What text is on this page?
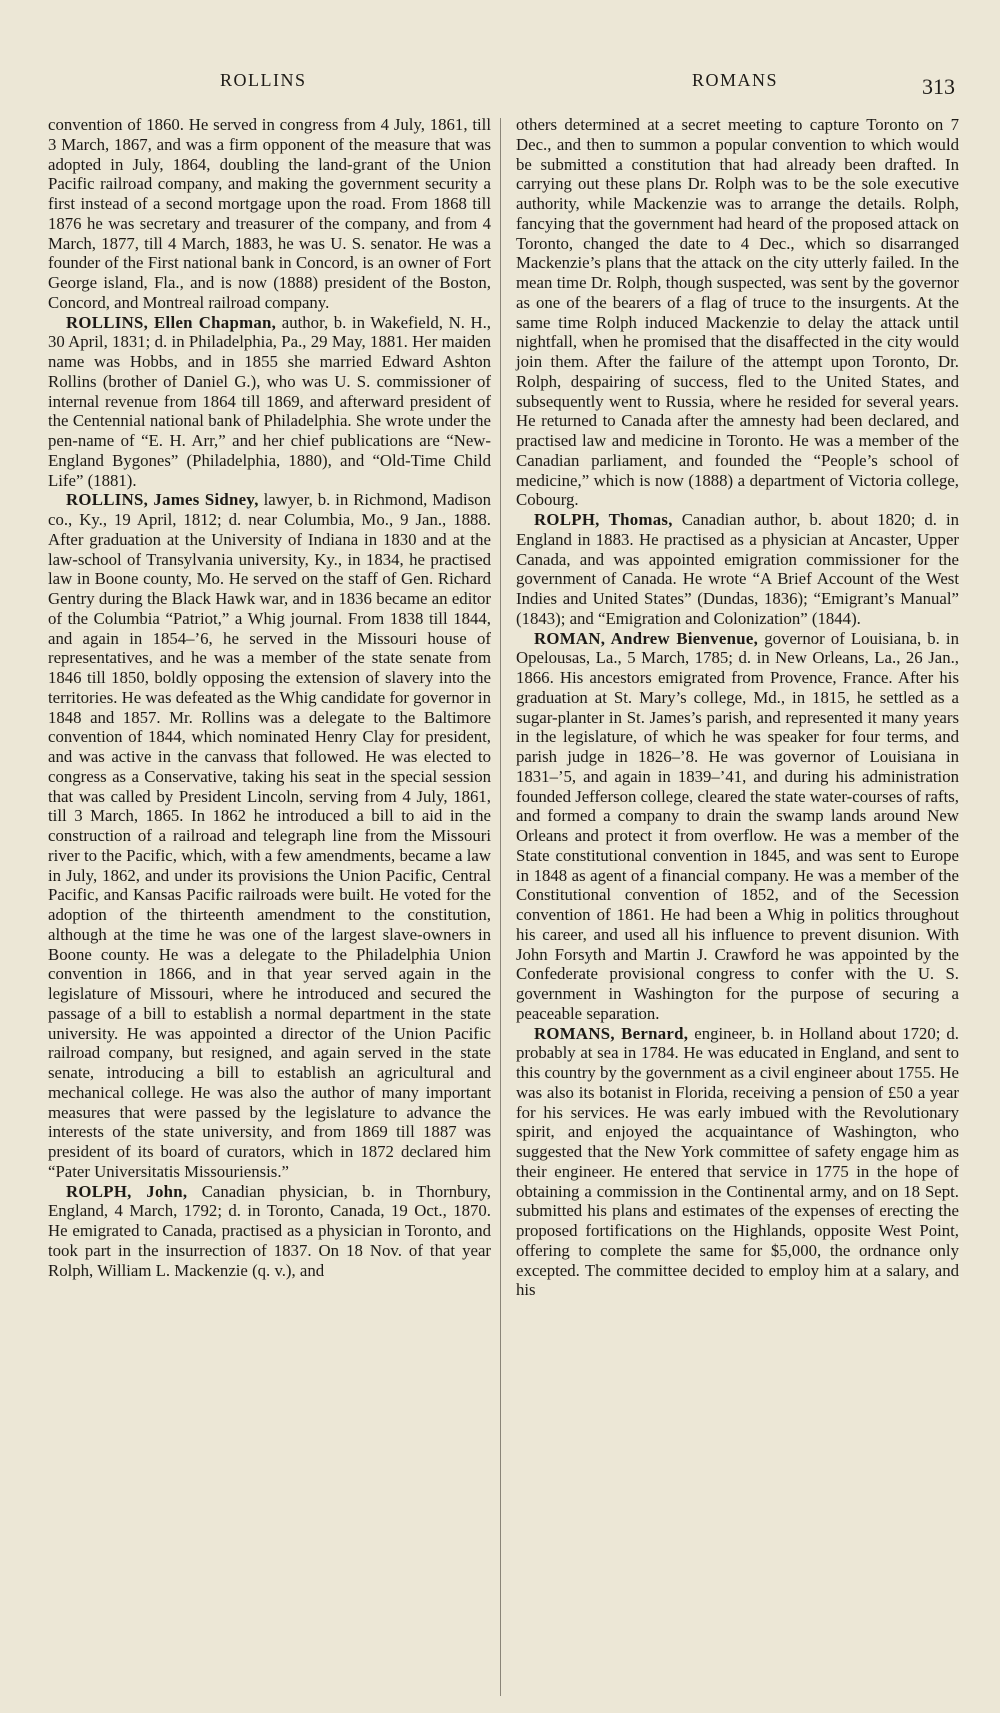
ROLLINS	ROMANS	313

convention of 1860. He served in congress from 4 July, 1861, till 3 March, 1867, and was a firm opponent of the measure that was adopted in July, 1864, doubling the land-grant of the Union Pacific railroad company, and making the government security a first instead of a second mortgage upon the road. From 1868 till 1876 he was secretary and treasurer of the company, and from 4 March, 1877, till 4 March, 1883, he was U. S. senator. He was a founder of the First national bank in Concord, is an owner of Fort George island, Fla., and is now (1888) president of the Boston, Concord, and Montreal railroad company.

ROLLINS, Ellen Chapman, author, b. in Wakefield, N. H., 30 April, 1831; d. in Philadelphia, Pa., 29 May, 1881. Her maiden name was Hobbs, and in 1855 she married Edward Ashton Rollins (brother of Daniel G.), who was U. S. commissioner of internal revenue from 1864 till 1869, and afterward president of the Centennial national bank of Philadelphia. She wrote under the pen-name of “E. H. Arr,” and her chief publications are “New-England Bygones” (Philadelphia, 1880), and “Old-Time Child Life” (1881).

ROLLINS, James Sidney, lawyer, b. in Richmond, Madison co., Ky., 19 April, 1812; d. near Columbia, Mo., 9 Jan., 1888. After graduation at the University of Indiana in 1830 and at the law-school of Transylvania university, Ky., in 1834, he practised law in Boone county, Mo. He served on the staff of Gen. Richard Gentry during the Black Hawk war, and in 1836 became an editor of the Columbia “Patriot,” a Whig journal. From 1838 till 1844, and again in 1854–’6, he served in the Missouri house of representatives, and he was a member of the state senate from 1846 till 1850, boldly opposing the extension of slavery into the territories. He was defeated as the Whig candidate for governor in 1848 and 1857. Mr. Rollins was a delegate to the Baltimore convention of 1844, which nominated Henry Clay for president, and was active in the canvass that followed. He was elected to congress as a Conservative, taking his seat in the special session that was called by President Lincoln, serving from 4 July, 1861, till 3 March, 1865. In 1862 he introduced a bill to aid in the construction of a railroad and telegraph line from the Missouri river to the Pacific, which, with a few amendments, became a law in July, 1862, and under its provisions the Union Pacific, Central Pacific, and Kansas Pacific railroads were built. He voted for the adoption of the thirteenth amendment to the constitution, although at the time he was one of the largest slave-owners in Boone county. He was a delegate to the Philadelphia Union convention in 1866, and in that year served again in the legislature of Missouri, where he introduced and secured the passage of a bill to establish a normal department in the state university. He was appointed a director of the Union Pacific railroad company, but resigned, and again served in the state senate, introducing a bill to establish an agricultural and mechanical college. He was also the author of many important measures that were passed by the legislature to advance the interests of the state university, and from 1869 till 1887 was president of its board of curators, which in 1872 declared him “Pater Universitatis Missouriensis.”

ROLPH, John, Canadian physician, b. in Thornbury, England, 4 March, 1792; d. in Toronto, Canada, 19 Oct., 1870. He emigrated to Canada, practised as a physician in Toronto, and took part in the insurrection of 1837. On 18 Nov. of that year Rolph, William L. Mackenzie (q. v.), and

others determined at a secret meeting to capture Toronto on 7 Dec., and then to summon a popular convention to which would be submitted a constitution that had already been drafted. In carrying out these plans Dr. Rolph was to be the sole executive authority, while Mackenzie was to arrange the details. Rolph, fancying that the government had heard of the proposed attack on Toronto, changed the date to 4 Dec., which so disarranged Mackenzie’s plans that the attack on the city utterly failed. In the mean time Dr. Rolph, though suspected, was sent by the governor as one of the bearers of a flag of truce to the insurgents. At the same time Rolph induced Mackenzie to delay the attack until nightfall, when he promised that the disaffected in the city would join them. After the failure of the attempt upon Toronto, Dr. Rolph, despairing of success, fled to the United States, and subsequently went to Russia, where he resided for several years. He returned to Canada after the amnesty had been declared, and practised law and medicine in Toronto. He was a member of the Canadian parliament, and founded the “People’s school of medicine,” which is now (1888) a department of Victoria college, Cobourg.

ROLPH, Thomas, Canadian author, b. about 1820; d. in England in 1883. He practised as a physician at Ancaster, Upper Canada, and was appointed emigration commissioner for the government of Canada. He wrote “A Brief Account of the West Indies and United States” (Dundas, 1836); “Emigrant’s Manual” (1843); and “Emigration and Colonization” (1844).

ROMAN, Andrew Bienvenue, governor of Louisiana, b. in Opelousas, La., 5 March, 1785; d. in New Orleans, La., 26 Jan., 1866. His ancestors emigrated from Provence, France. After his graduation at St. Mary’s college, Md., in 1815, he settled as a sugar-planter in St. James’s parish, and represented it many years in the legislature, of which he was speaker for four terms, and parish judge in 1826–’8. He was governor of Louisiana in 1831–’5, and again in 1839–’41, and during his administration founded Jefferson college, cleared the state water-courses of rafts, and formed a company to drain the swamp lands around New Orleans and protect it from overflow. He was a member of the State constitutional convention in 1845, and was sent to Europe in 1848 as agent of a financial company. He was a member of the Constitutional convention of 1852, and of the Secession convention of 1861. He had been a Whig in politics throughout his career, and used all his influence to prevent disunion. With John Forsyth and Martin J. Crawford he was appointed by the Confederate provisional congress to confer with the U. S. government in Washington for the purpose of securing a peaceable separation.

ROMANS, Bernard, engineer, b. in Holland about 1720; d. probably at sea in 1784. He was educated in England, and sent to this country by the government as a civil engineer about 1755. He was also its botanist in Florida, receiving a pension of £50 a year for his services. He was early imbued with the Revolutionary spirit, and enjoyed the acquaintance of Washington, who suggested that the New York committee of safety engage him as their engineer. He entered that service in 1775 in the hope of obtaining a commission in the Continental army, and on 18 Sept. submitted his plans and estimates of the expenses of erecting the proposed fortifications on the Highlands, opposite West Point, offering to complete the same for $5,000, the ordnance only excepted. The committee decided to employ him at a salary, and his
